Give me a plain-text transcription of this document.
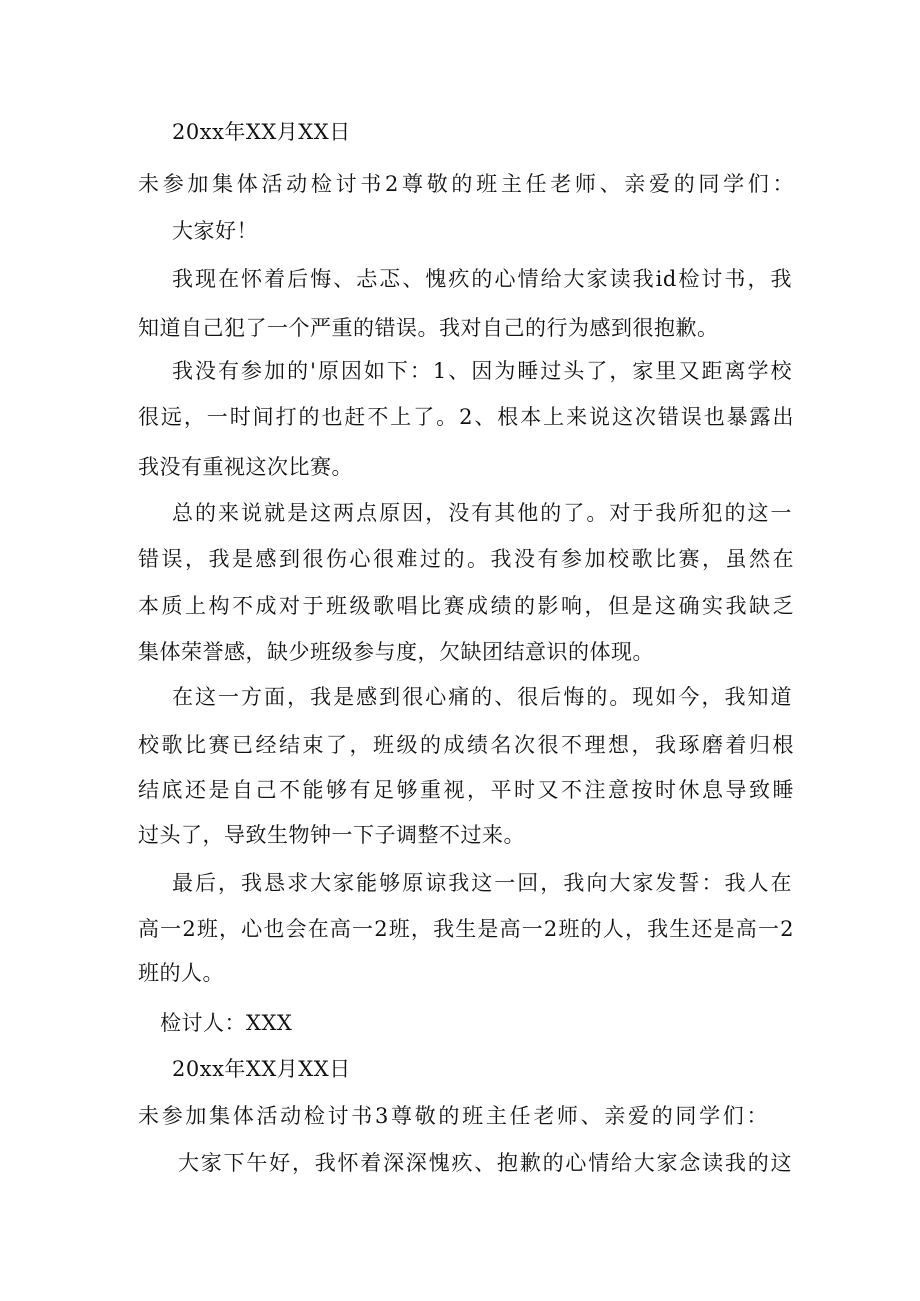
20xx年XX月XX日
未参加集体活动检讨书2尊敬的班主任老师、亲爱的同学们：
大家好！
我现在怀着后悔、忐忑、愧疚的心情给大家读我id检讨书，我
知道自己犯了一个严重的错误。我对自己的行为感到很抱歉。
我没有参加的'原因如下：1、因为睡过头了，家里又距离学校
很远，一时间打的也赶不上了。2、根本上来说这次错误也暴露出
我没有重视这次比赛。
总的来说就是这两点原因，没有其他的了。对于我所犯的这一
错误，我是感到很伤心很难过的。我没有参加校歌比赛，虽然在
本质上构不成对于班级歌唱比赛成绩的影响，但是这确实我缺乏
集体荣誉感，缺少班级参与度，欠缺团结意识的体现。
在这一方面，我是感到很心痛的、很后悔的。现如今，我知道
校歌比赛已经结束了，班级的成绩名次很不理想，我琢磨着归根
结底还是自己不能够有足够重视，平时又不注意按时休息导致睡
过头了，导致生物钟一下子调整不过来。
最后，我恳求大家能够原谅我这一回，我向大家发誓：我人在
高一2班，心也会在高一2班，我生是高一2班的人，我生还是高一2
班的人。
检讨人：XXX
20xx年XX月XX日
未参加集体活动检讨书3尊敬的班主任老师、亲爱的同学们：
大家下午好，我怀着深深愧疚、抱歉的心情给大家念读我的这
